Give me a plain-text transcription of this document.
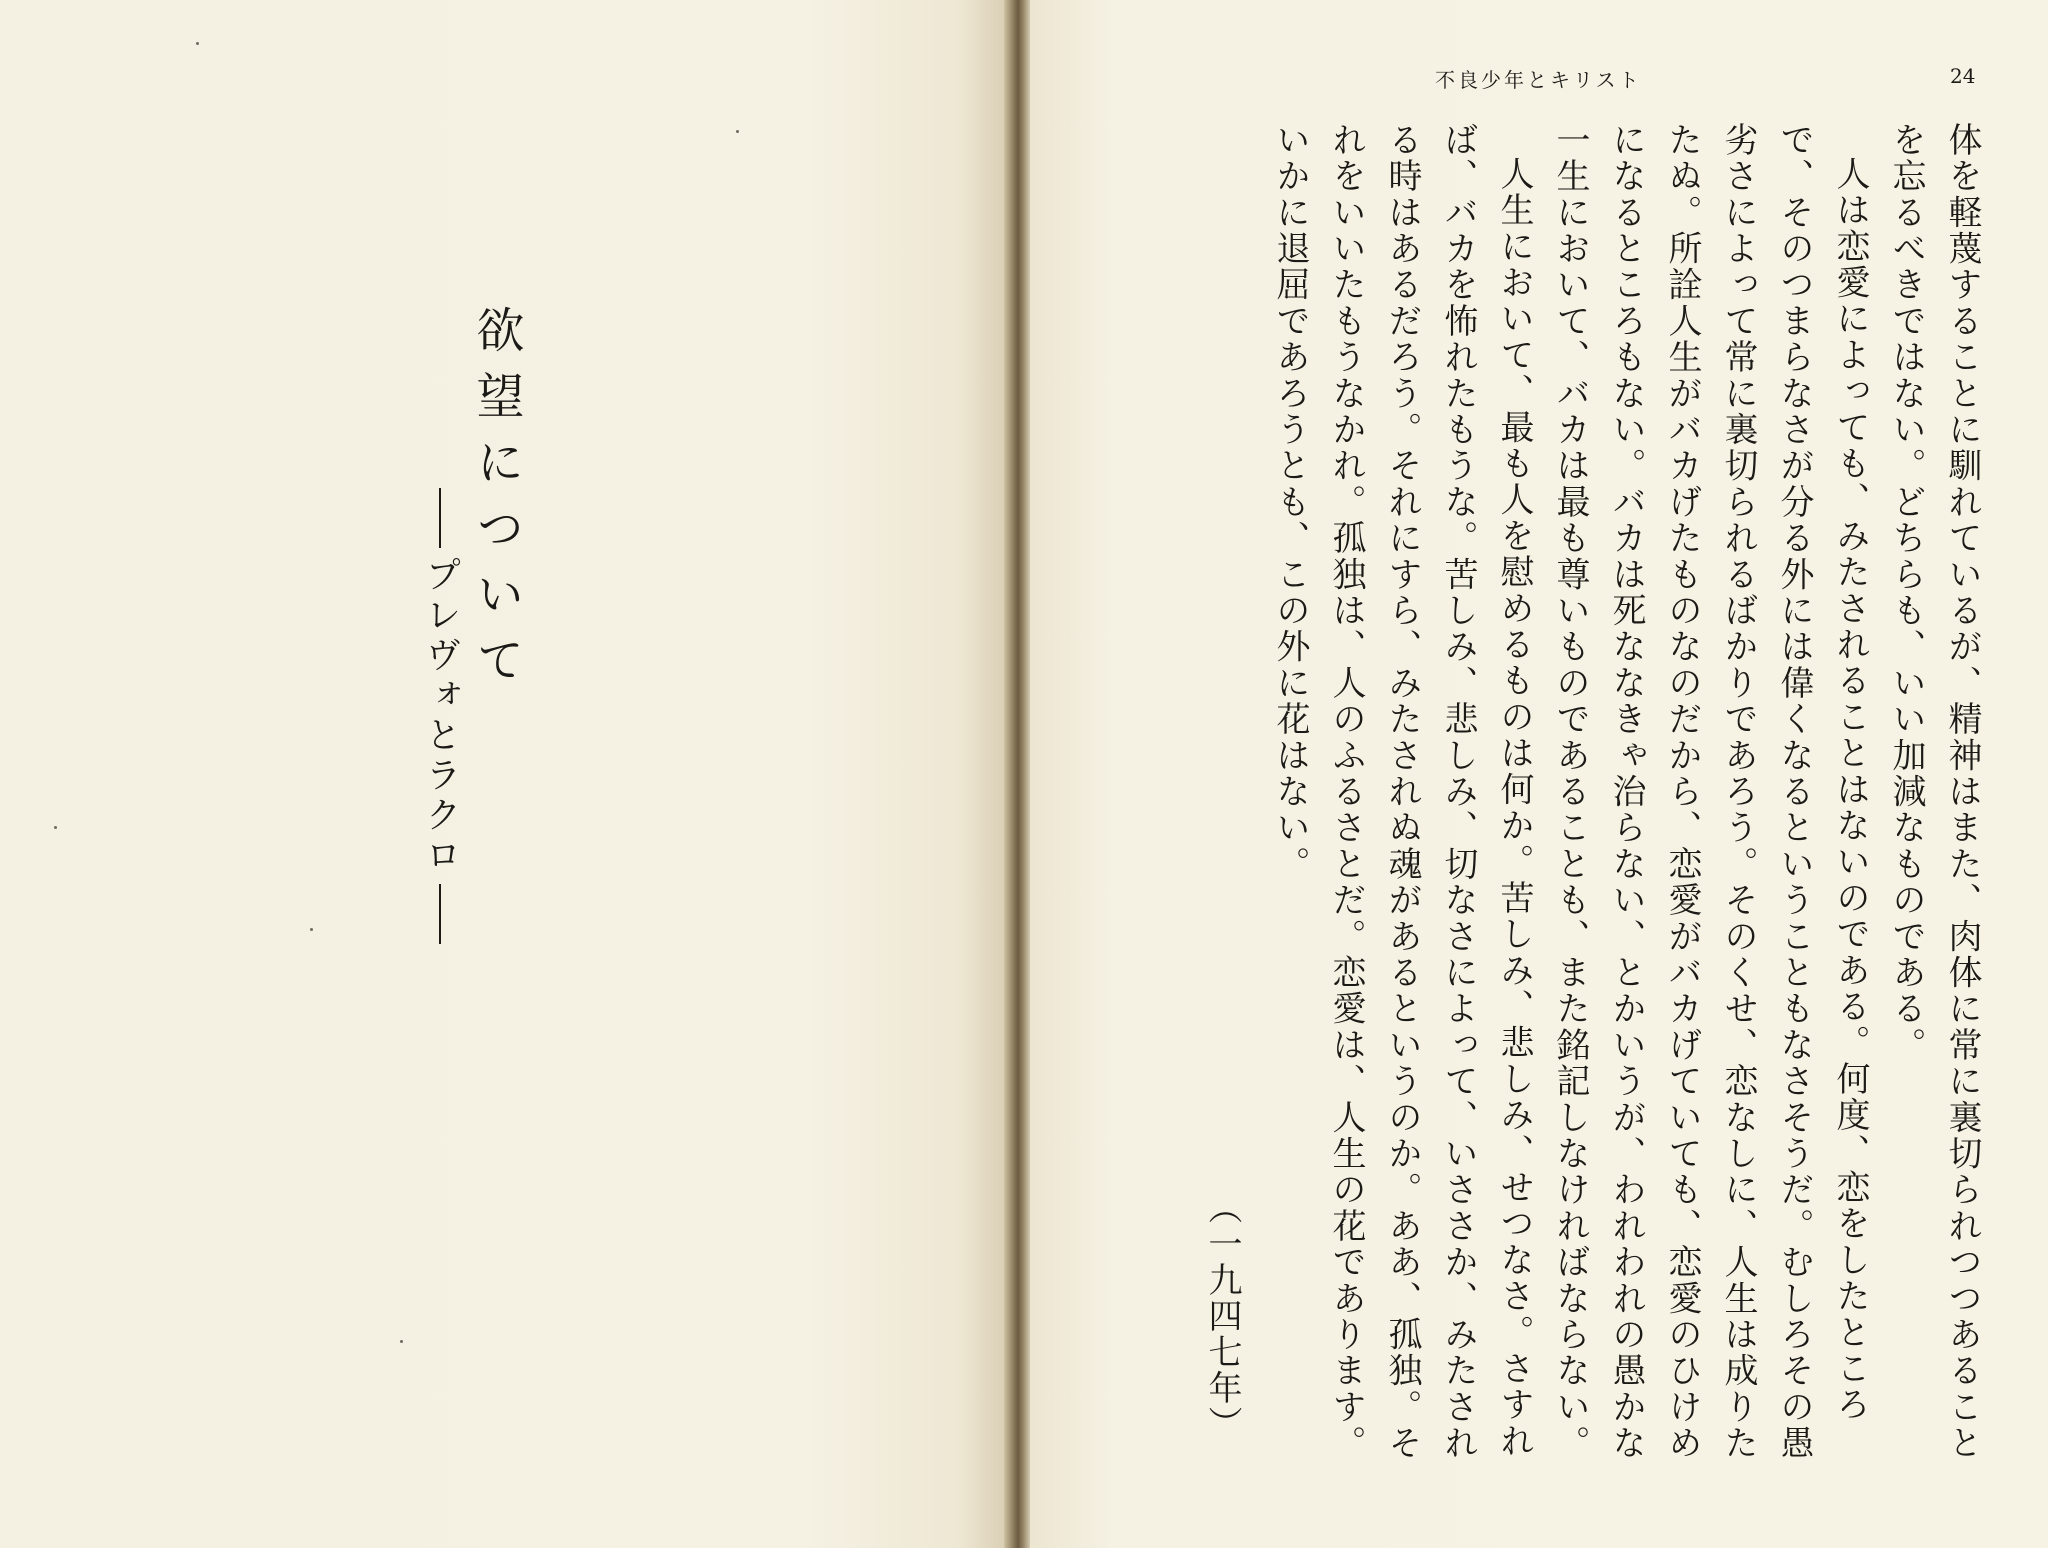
欲望について
プレヴォとラクロ
不良少年とキリスト	24

体を軽蔑することに馴れているが、精神はまた、肉体に常に裏切られつつあることを忘るべきではない。どちらも、いい加減なものである。

人は恋愛によっても、みたされることはないのである。何度、恋をしたところで、そのつまらなさが分る外には偉くなるということもなさそうだ。むしろその愚劣さによって常に裏切られるばかりであろう。そのくせ、恋なしに、人生は成りたたぬ。所詮人生がバカげたものなのだから、恋愛がバカげていても、恋愛のひけめになるところもない。バカは死ななきゃ治らない、とかいうが、われわれの愚かな一生において、バカは最も尊いものであることも、また銘記しなければならない。

人生において、最も人を慰めるものは何か。苦しみ、悲しみ、せつなさ。さすれば、バカを怖れたもうな。苦しみ、悲しみ、切なさによって、いささか、みたされる時はあるだろう。それにすら、みたされぬ魂があるというのか。ああ、孤独。それをいいたもうなかれ。孤独は、人のふるさとだ。恋愛は、人生の花であります。いかに退屈であろうとも、この外に花はない。

（一九四七年）
